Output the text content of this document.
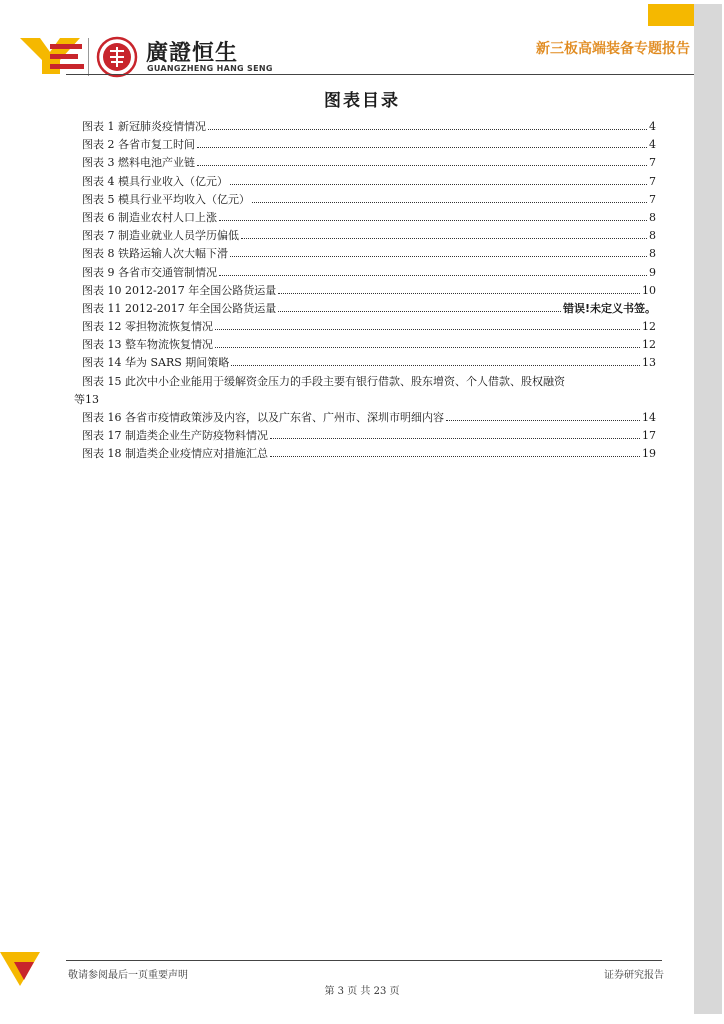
廣證恒生
GUANGZHENG HANG SENG
新三板高端装备专题报告
图表目录
图表 1 新冠肺炎疫情情况	4
图表 2 各省市复工时间	4
图表 3 燃料电池产业链	7
图表 4 模具行业收入（亿元）	7
图表 5 模具行业平均收入（亿元）	7
图表 6 制造业农村人口上涨	8
图表 7 制造业就业人员学历偏低	8
图表 8 铁路运输人次大幅下滑	8
图表 9 各省市交通管制情况	9
图表 10 2012-2017 年全国公路货运量	10
图表 11 2012-2017 年全国公路货运量	错误!未定义书签。
图表 12 零担物流恢复情况	12
图表 13 整车物流恢复情况	12
图表 14 华为 SARS 期间策略	13
图表 15 此次中小企业能用于缓解资金压力的手段主要有银行借款、股东增资、个人借款、股权融资
等 13
图表 16 各省市疫情政策涉及内容，以及广东省、广州市、深圳市明细内容	14
图表 17 制造类企业生产防疫物料情况	17
图表 18 制造类企业疫情应对措施汇总	19
敬请参阅最后一页重要声明	证券研究报告
第 3 页 共 23 页
